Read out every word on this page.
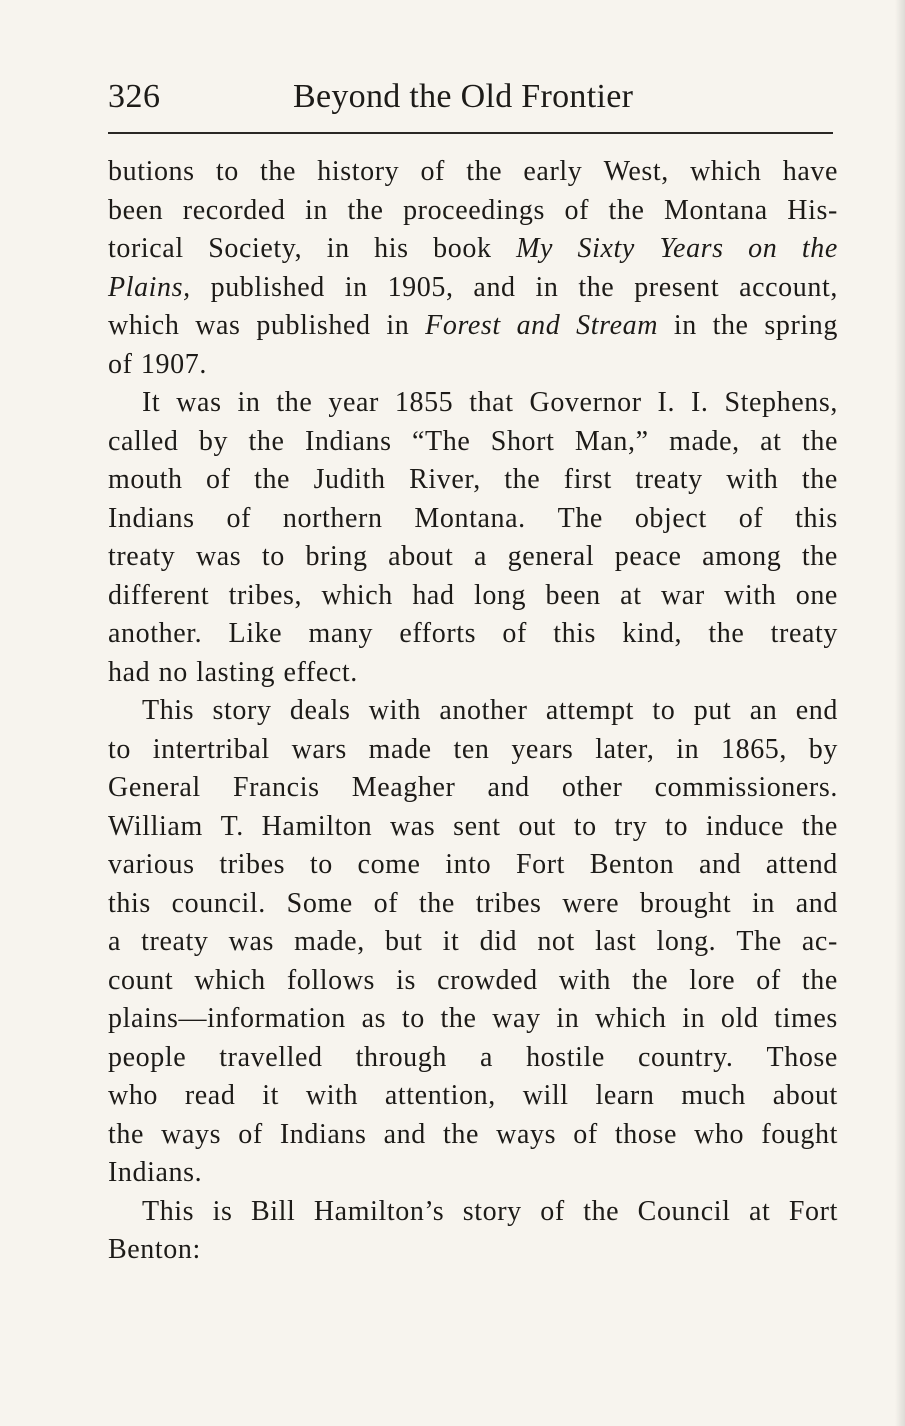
326	Beyond the Old Frontier
butions to the history of the early West, which have
been recorded in the proceedings of the Montana His-
torical Society, in his book My Sixty Years on the
Plains, published in 1905, and in the present account,
which was published in Forest and Stream in the spring
of 1907.
It was in the year 1855 that Governor I. I. Stephens,
called by the Indians “The Short Man,” made, at the
mouth of the Judith River, the first treaty with the
Indians of northern Montana. The object of this
treaty was to bring about a general peace among the
different tribes, which had long been at war with one
another. Like many efforts of this kind, the treaty
had no lasting effect.
This story deals with another attempt to put an end
to intertribal wars made ten years later, in 1865, by
General Francis Meagher and other commissioners.
William T. Hamilton was sent out to try to induce the
various tribes to come into Fort Benton and attend
this council. Some of the tribes were brought in and
a treaty was made, but it did not last long. The ac-
count which follows is crowded with the lore of the
plains—information as to the way in which in old times
people travelled through a hostile country. Those
who read it with attention, will learn much about
the ways of Indians and the ways of those who fought
Indians.
This is Bill Hamilton’s story of the Council at Fort
Benton:
